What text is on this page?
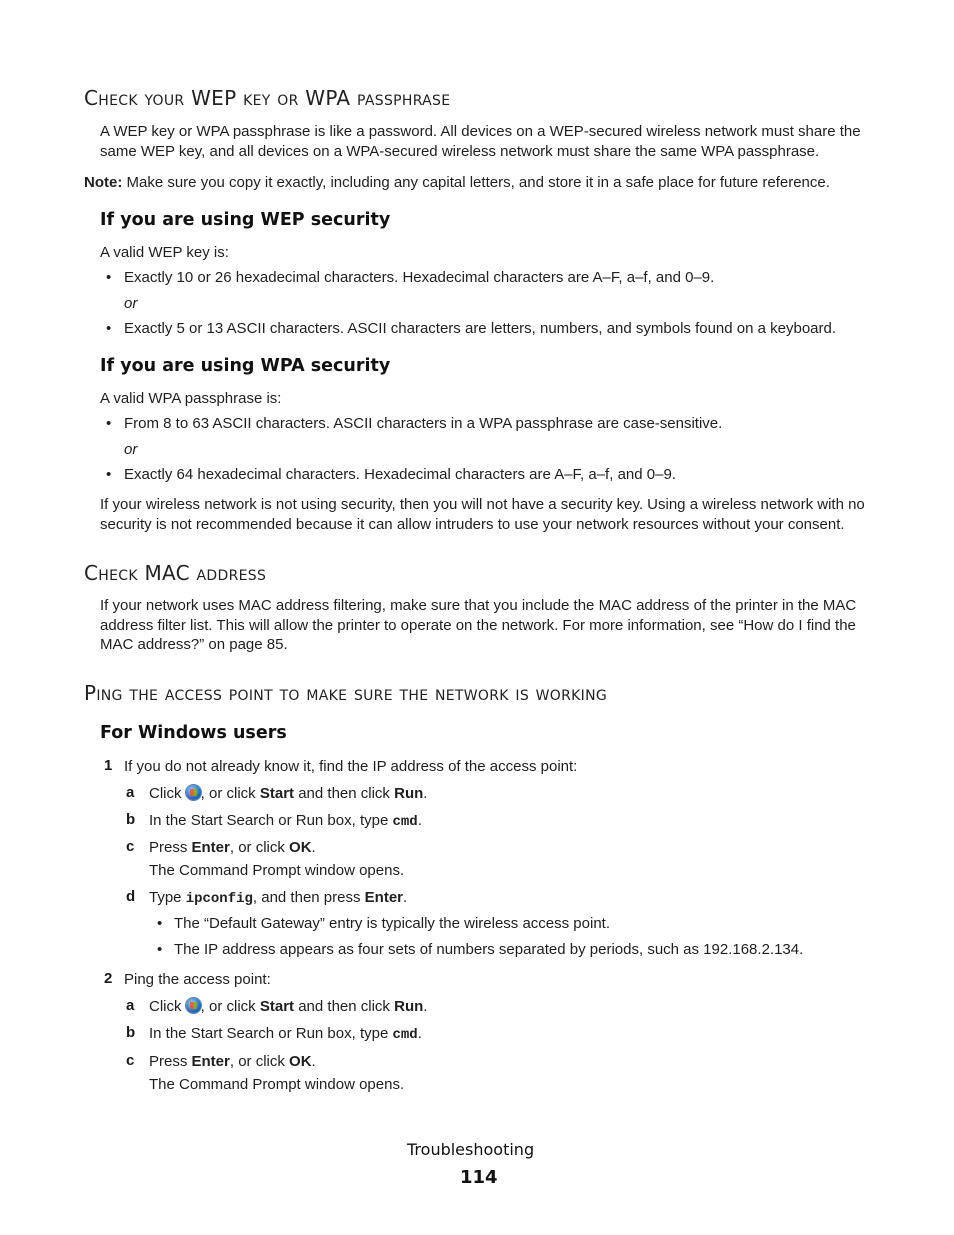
Check your WEP key or WPA passphrase
A WEP key or WPA passphrase is like a password. All devices on a WEP-secured wireless network must share the same WEP key, and all devices on a WPA-secured wireless network must share the same WPA passphrase.
Note: Make sure you copy it exactly, including any capital letters, and store it in a safe place for future reference.
If you are using WEP security
A valid WEP key is:
• Exactly 10 or 26 hexadecimal characters. Hexadecimal characters are A–F, a–f, and 0–9.
or
• Exactly 5 or 13 ASCII characters. ASCII characters are letters, numbers, and symbols found on a keyboard.
If you are using WPA security
A valid WPA passphrase is:
• From 8 to 63 ASCII characters. ASCII characters in a WPA passphrase are case-sensitive.
or
• Exactly 64 hexadecimal characters. Hexadecimal characters are A–F, a–f, and 0–9.
If your wireless network is not using security, then you will not have a security key. Using a wireless network with no security is not recommended because it can allow intruders to use your network resources without your consent.
Check MAC address
If your network uses MAC address filtering, make sure that you include the MAC address of the printer in the MAC address filter list. This will allow the printer to operate on the network. For more information, see “How do I find the MAC address?” on page 85.
Ping the access point to make sure the network is working
For Windows users
1 If you do not already know it, find the IP address of the access point:
a Click , or click Start and then click Run.
b In the Start Search or Run box, type cmd.
c Press Enter, or click OK.
The Command Prompt window opens.
d Type ipconfig, and then press Enter.
• The “Default Gateway” entry is typically the wireless access point.
• The IP address appears as four sets of numbers separated by periods, such as 192.168.2.134.
2 Ping the access point:
a Click , or click Start and then click Run.
b In the Start Search or Run box, type cmd.
c Press Enter, or click OK.
The Command Prompt window opens.
Troubleshooting
114
